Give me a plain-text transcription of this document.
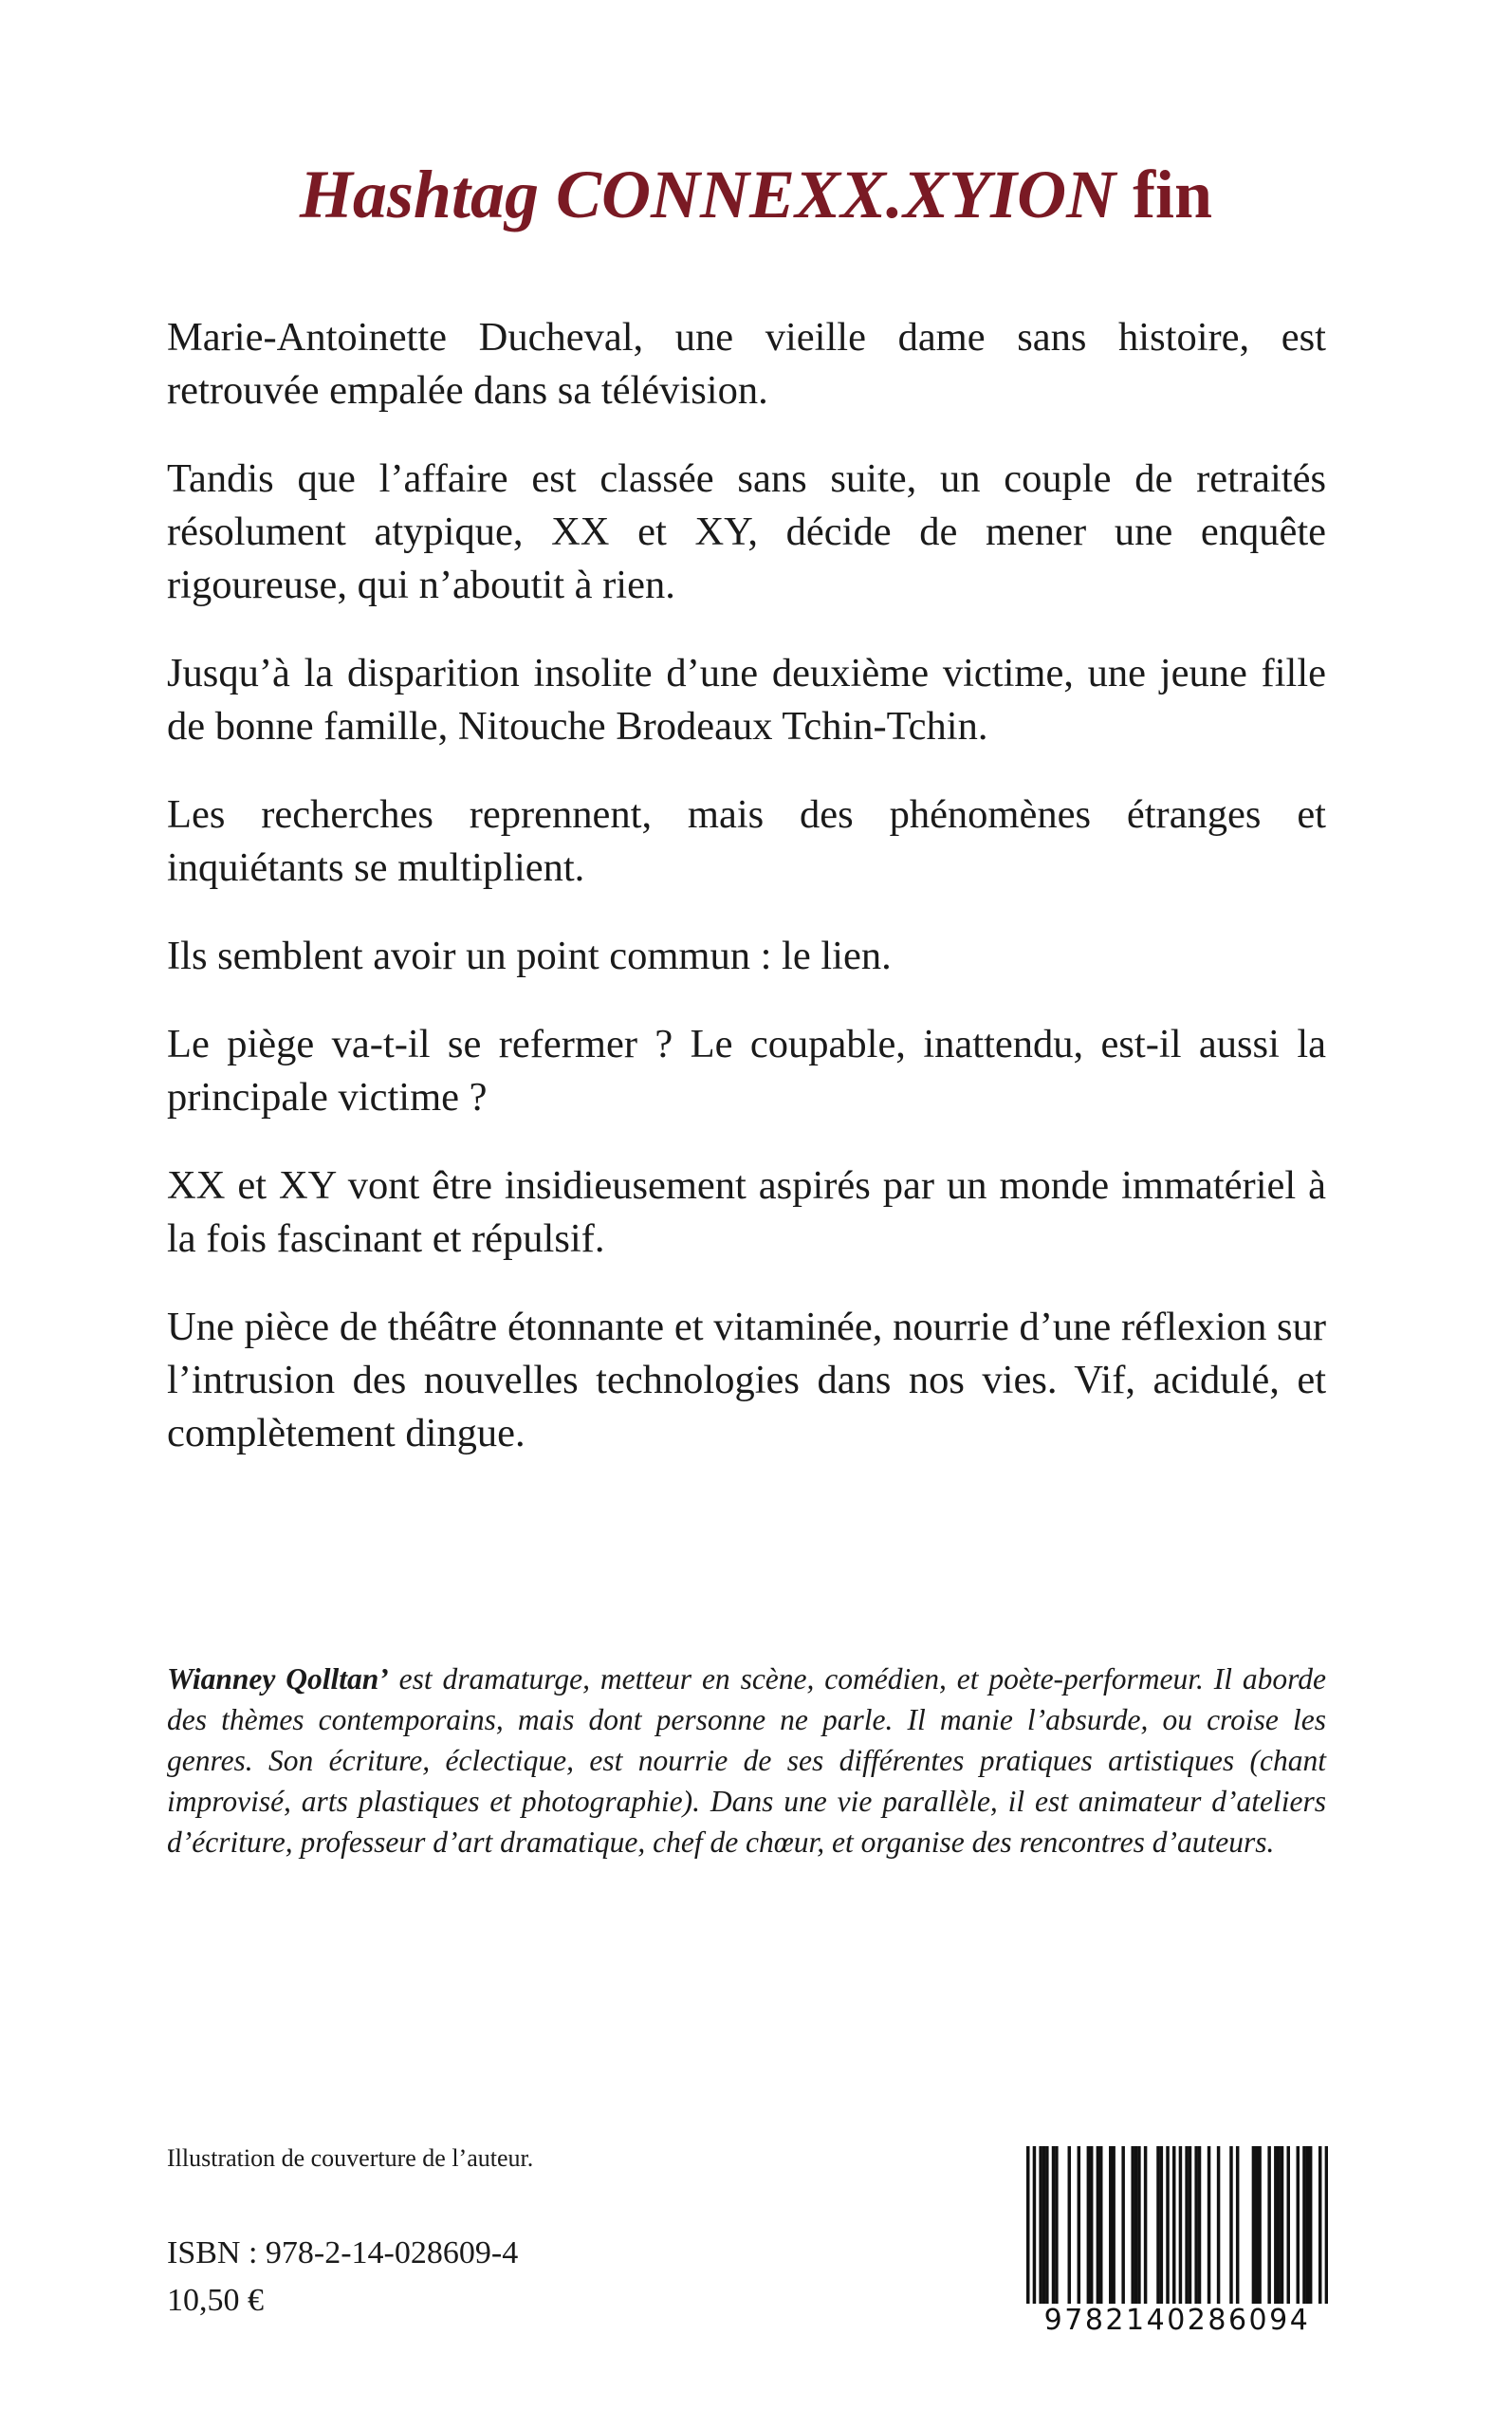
Hashtag CONNEXX.XYION fin

Marie-Antoinette Ducheval, une vieille dame sans histoire, est retrouvée empalée dans sa télévision.

Tandis que l’affaire est classée sans suite, un couple de retraités résolument atypique, XX et XY, décide de mener une enquête rigoureuse, qui n’aboutit à rien.

Jusqu’à la disparition insolite d’une deuxième victime, une jeune fille de bonne famille, Nitouche Brodeaux Tchin-Tchin.

Les recherches reprennent, mais des phénomènes étranges et inquiétants se multiplient.

Ils semblent avoir un point commun : le lien.

Le piège va-t-il se refermer ? Le coupable, inattendu, est-il aussi la principale victime ?

XX et XY vont être insidieusement aspirés par un monde immatériel à la fois fascinant et répulsif.

Une pièce de théâtre étonnante et vitaminée, nourrie d’une réflexion sur l’intrusion des nouvelles technologies dans nos vies. Vif, acidulé, et complètement dingue.

Wianney Qolltan’ est dramaturge, metteur en scène, comédien, et poète-performeur. Il aborde des thèmes contemporains, mais dont personne ne parle. Il manie l’absurde, ou croise les genres. Son écriture, éclectique, est nourrie de ses différentes pratiques artistiques (chant improvisé, arts plastiques et photographie). Dans une vie parallèle, il est animateur d’ateliers d’écriture, professeur d’art dramatique, chef de chœur, et organise des rencontres d’auteurs.

Illustration de couverture de l’auteur.
ISBN : 978-2-14-028609-4
10,50 €
9782140286094
